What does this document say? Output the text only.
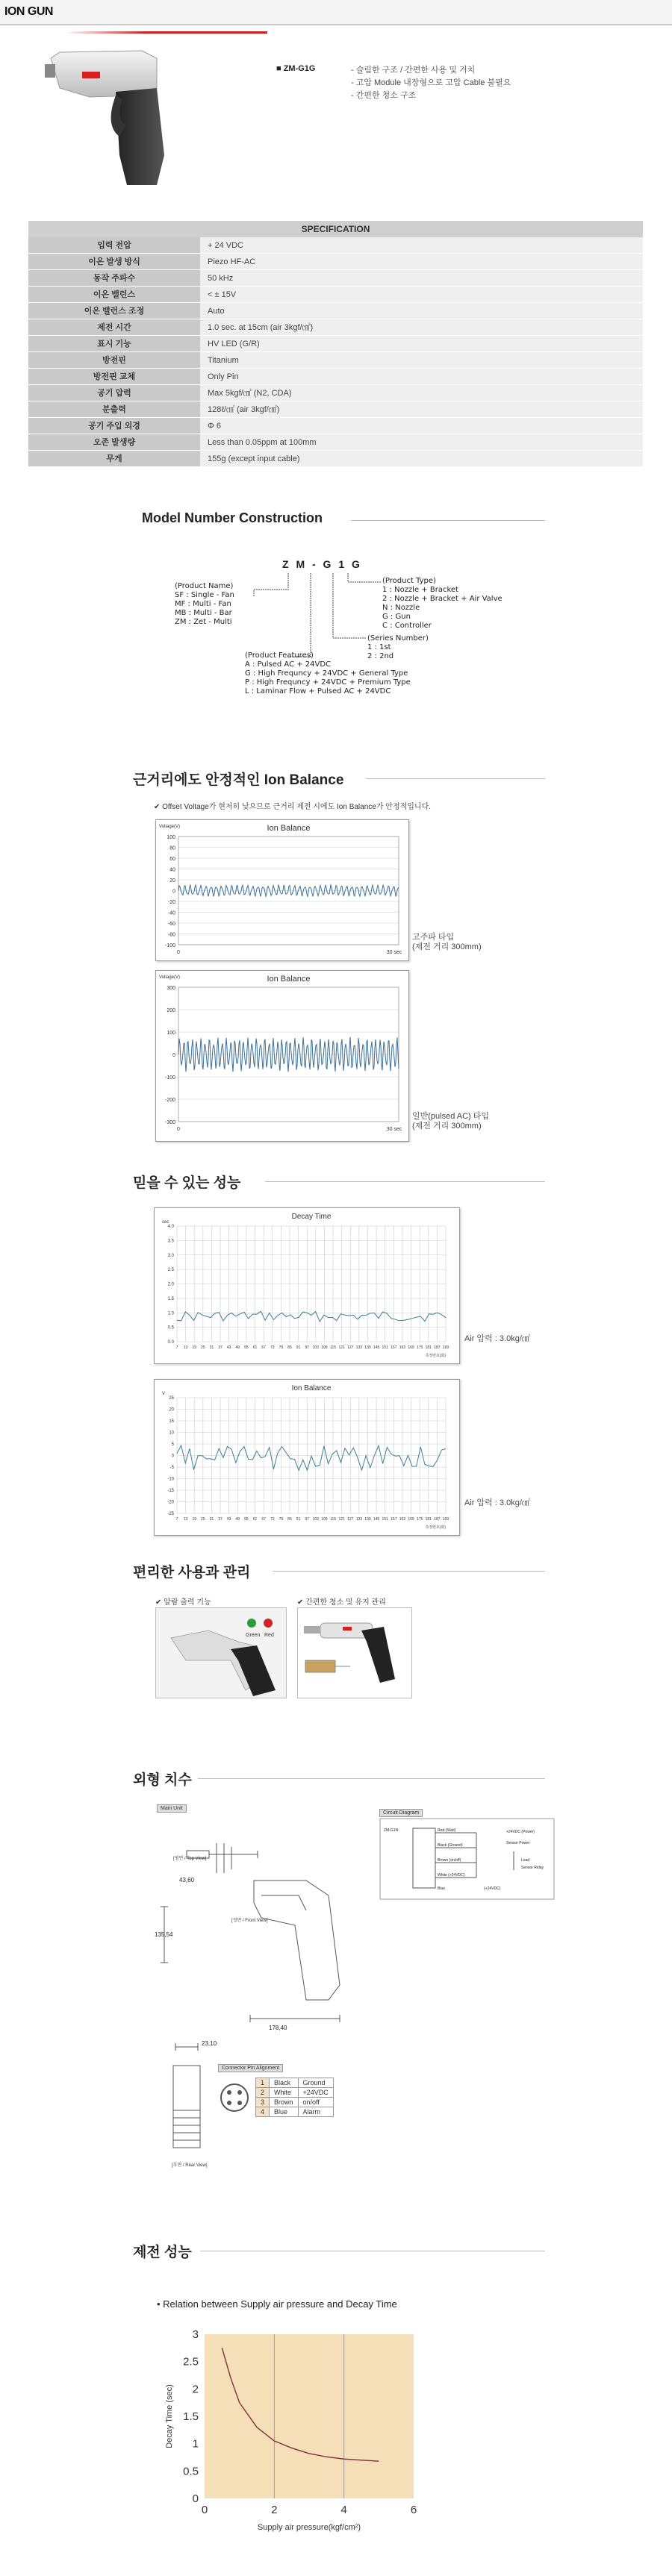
ION GUN
■ ZM-G1G	- 슬림한 구조 / 간편한 사용 및 거치
- 고압 Module 내장형으로 고압 Cable 불필요
- 간편한 청소 구조
SPECIFICATION
입력 전압	+ 24 VDC
이온 발생 방식	Piezo HF-AC
동작 주파수	50 kHz
이온 밸런스	< ± 15V
이온 밸런스 조정	Auto
제전 시간	1.0 sec. at 15cm (air 3kgf/㎠)
표시 기능	HV LED (G/R)
방전핀	Titanium
방전핀 교체	Only Pin
공기 압력	Max 5kgf/㎠ (N2, CDA)
분출력	128ℓ/㎠ (air 3kgf/㎠)
공기 주입 외경	Φ 6
오존 발생량	Less than 0.05ppm at 100mm
무게	155g (except input cable)
Model Number Construction
Z M - G 1 G
(Product Name)
SF : Single - Fan
MF : Multi - Fan
MB : Multi - Bar
ZM : Zet - Multi
(Product Type)
1 : Nozzle + Bracket
2 : Nozzle + Bracket + Air Valve
N : Nozzle
G : Gun
C : Controller
(Series Number)
1 : 1st
2 : 2nd
(Product Features)
A : Pulsed AC + 24VDC
G : High Frequncy + 24VDC + General Type
P : High Frequncy + 24VDC + Premium Type
L : Laminar Flow + Pulsed AC + 24VDC
근거리에도 안정적인 Ion Balance
✔ Offset Voltage가 현저히 낮으므로 근거리 제전 시에도 Ion Balance가 안정적입니다.
Ion Balance
Voltage(V)
100
80
60
40
20
0
-20
-40
-60
-80
-100
0	30 sec
고주파 타입
(제전 거리 300mm)
Ion Balance
Voltage(V)
300
200
100
0
-100
-200
-300
0	30 sec
일반(pulsed AC) 타입
(제전 거리 300mm)
믿을 수 있는 성능
Decay Time
sec
4.0
3.5
3.0
2.5
2.0
1.5
1.0
0.5
0.0
7 13 19 25 31 37 43 49 55 61 67 73 79 85 91 97 103 109 115 121 127 133 139 145 151 157 163 169 175 181 187 193
측정번호(회)
Air 압력 : 3.0kg/㎠
Ion Balance
V
25
20
15
10
5
0
-5
-10
-15
-20
-25
7 13 19 25 31 37 43 49 55 61 67 73 79 85 91 97 103 109 115 121 127 133 139 145 151 157 163 169 175 181 187 193
측정번호(회)
Air 압력 : 3.0kg/㎠
편리한 사용과 관리
✔ 알람 출력 기능	✔ 간편한 청소 및 유지 관리
Green Red
외형 치수
Main Unit
Circuit Diagram
[평면 / Top View]
[정면 / Front View]
43,60
135,54
178,40
ZM-G1N	Red (Start)
Black (Ground)
Brown (on/off)
White (+24VDC)
+24VDC (Power)
Load
Sensor Power
Sensor Relay
Blue	(+24VDC)
23,10
[후면 / Rear View]
Connector Pin Alignment
1	Black	Ground
2	White	+24VDC
3	Brown	on/off
4	Blue	Alarm
제전 성능
• Relation between Supply air pressure and Decay Time
0
0.5
1
1.5
2
2.5
3
0	2	4	6
Supply air pressure(kgf/cm²)
Decay Time (sec)
